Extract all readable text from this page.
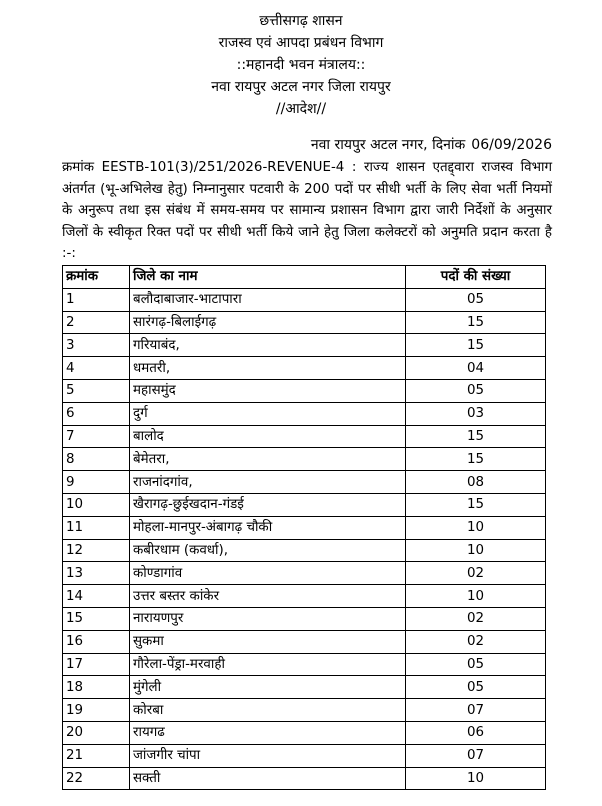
छत्तीसगढ़ शासन
राजस्व एवं आपदा प्रबंधन विभाग
::महानदी भवन मंत्रालय::
नवा रायपुर अटल नगर जिला रायपुर
//आदेश//
नवा रायपुर अटल नगर, दिनांक 06/09/2026
क्रमांक EESTB-101(3)/251/2026-REVENUE-4 : राज्य शासन एतद्द्वारा राजस्व विभाग अंतर्गत (भू-अभिलेख हेतु) निम्नानुसार पटवारी के 200 पदों पर सीधी भर्ती के लिए सेवा भर्ती नियमों के अनुरूप तथा इस संबंध में समय-समय पर सामान्य प्रशासन विभाग द्वारा जारी निर्देशों के अनुसार जिलों के स्वीकृत रिक्त पदों पर सीधी भर्ती किये जाने हेतु जिला कलेक्टरों को अनुमति प्रदान करता है :-:
क्रमांक	जिले का नाम	पदों की संख्या
1	बलौदाबाजार-भाटापारा	05
2	सारंगढ़-बिलाईगढ़	15
3	गरियाबंद,	15
4	धमतरी,	04
5	महासमुंद	05
6	दुर्ग	03
7	बालोद	15
8	बेमेतरा,	15
9	राजनांदगांव,	08
10	खैरागढ़-छुईखदान-गंडई	15
11	मोहला-मानपुर-अंबागढ़ चौकी	10
12	कबीरधाम (कवर्धा),	10
13	कोण्डागांव	02
14	उत्तर बस्तर कांकेर	10
15	नारायणपुर	02
16	सुकमा	02
17	गौरेला-पेंड्रा-मरवाही	05
18	मुंगेली	05
19	कोरबा	07
20	रायगढ	06
21	जांजगीर चांपा	07
22	सक्ती	10
